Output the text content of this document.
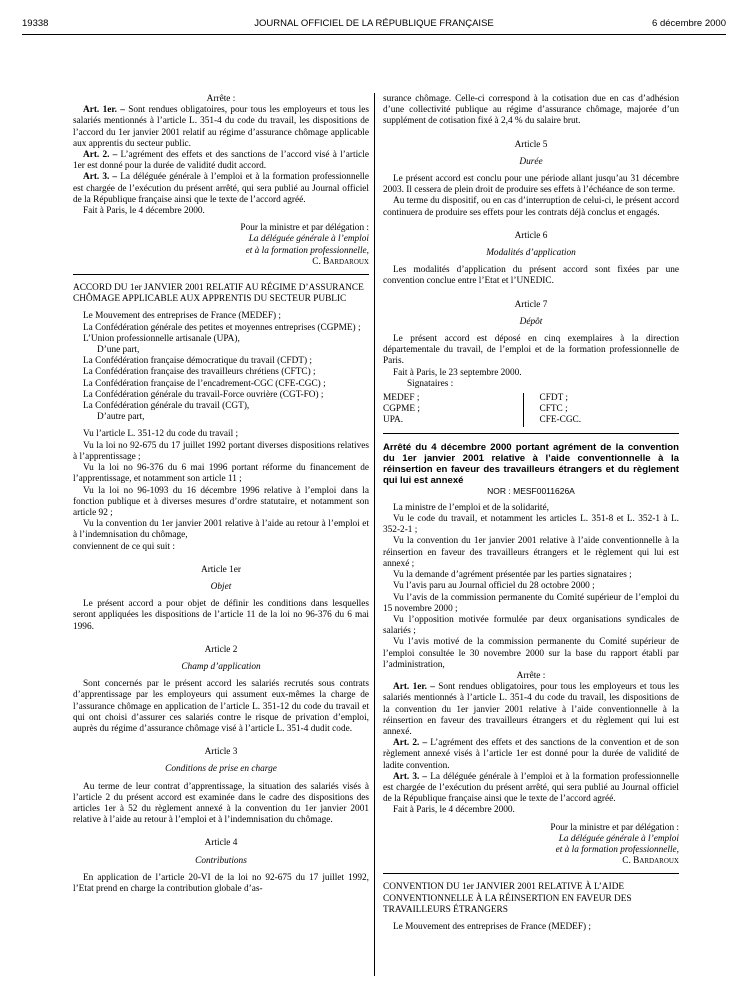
19338	JOURNAL OFFICIEL DE LA RÉPUBLIQUE FRANÇAISE	6 décembre 2000

Arrête :

Art. 1er. – Sont rendues obligatoires, pour tous les employeurs et tous les salariés mentionnés à l’article L. 351-4 du code du travail, les dispositions de l’accord du 1er janvier 2001 relatif au régime d’assurance chômage applicable aux apprentis du secteur public.

Art. 2. – L’agrément des effets et des sanctions de l’accord visé à l’article 1er est donné pour la durée de validité dudit accord.

Art. 3. – La déléguée générale à l’emploi et à la formation professionnelle est chargée de l’exécution du présent arrêté, qui sera publié au Journal officiel de la République française ainsi que le texte de l’accord agréé.

Fait à Paris, le 4 décembre 2000.

Pour la ministre et par délégation :

La déléguée générale à l’emploi

et à la formation professionnelle,

C. Bardaroux

ACCORD DU 1er JANVIER 2001 RELATIF AU RÉGIME D’ASSURANCE CHÔMAGE APPLICABLE AUX APPRENTIS DU SECTEUR PUBLIC

Le Mouvement des entreprises de France (MEDEF) ;

La Confédération générale des petites et moyennes entreprises (CGPME) ;

L’Union professionnelle artisanale (UPA),

D’une part,

La Confédération française démocratique du travail (CFDT) ;

La Confédération française des travailleurs chrétiens (CFTC) ;

La Confédération française de l’encadrement-CGC (CFE-CGC) ;

La Confédération générale du travail-Force ouvrière (CGT-FO) ;

La Confédération générale du travail (CGT),

D’autre part,

Vu l’article L. 351-12 du code du travail ;

Vu la loi no 92-675 du 17 juillet 1992 portant diverses dispositions relatives à l’apprentissage ;

Vu la loi no 96-376 du 6 mai 1996 portant réforme du financement de l’apprentissage, et notamment son article 11 ;

Vu la loi no 96-1093 du 16 décembre 1996 relative à l’emploi dans la fonction publique et à diverses mesures d’ordre statutaire, et notamment son article 92 ;

Vu la convention du 1er janvier 2001 relative à l’aide au retour à l’emploi et à l’indemnisation du chômage,

conviennent de ce qui suit :

Article 1er

Objet

Le présent accord a pour objet de définir les conditions dans lesquelles seront appliquées les dispositions de l’article 11 de la loi no 96-376 du 6 mai 1996.

Article 2

Champ d’application

Sont concernés par le présent accord les salariés recrutés sous contrats d’apprentissage par les employeurs qui assument eux-mêmes la charge de l’assurance chômage en application de l’article L. 351-12 du code du travail et qui ont choisi d’assurer ces salariés contre le risque de privation d’emploi, auprès du régime d’assurance chômage visé à l’article L. 351-4 dudit code.

Article 3

Conditions de prise en charge

Au terme de leur contrat d’apprentissage, la situation des salariés visés à l’article 2 du présent accord est examinée dans le cadre des dispositions des articles 1er à 52 du règlement annexé à la convention du 1er janvier 2001 relative à l’aide au retour à l’emploi et à l’indemnisation du chômage.

Article 4

Contributions

En application de l’article 20-VI de la loi no 92-675 du 17 juillet 1992, l’Etat prend en charge la contribution globale d’as-

surance chômage. Celle-ci correspond à la cotisation due en cas d’adhésion d’une collectivité publique au régime d’assurance chômage, majorée d’un supplément de cotisation fixé à 2,4 % du salaire brut.

Article 5

Durée

Le présent accord est conclu pour une période allant jusqu’au 31 décembre 2003. Il cessera de plein droit de produire ses effets à l’échéance de son terme.

Au terme du dispositif, ou en cas d’interruption de celui-ci, le présent accord continuera de produire ses effets pour les contrats déjà conclus et engagés.

Article 6

Modalités d’application

Les modalités d’application du présent accord sont fixées par une convention conclue entre l’Etat et l’UNEDIC.

Article 7

Dépôt

Le présent accord est déposé en cinq exemplaires à la direction départementale du travail, de l’emploi et de la formation professionnelle de Paris.

Fait à Paris, le 23 septembre 2000.

Signataires :

MEDEF ;

CGPME ;

UPA.

CFDT ;

CFTC ;

CFE-CGC.

Arrêté du 4 décembre 2000 portant agrément de la convention du 1er janvier 2001 relative à l’aide conventionnelle à la réinsertion en faveur des travailleurs étrangers et du règlement qui lui est annexé

NOR : MESF0011626A

La ministre de l’emploi et de la solidarité,

Vu le code du travail, et notamment les articles L. 351-8 et L. 352-1 à L. 352-2-1 ;

Vu la convention du 1er janvier 2001 relative à l’aide conventionnelle à la réinsertion en faveur des travailleurs étrangers et le règlement qui lui est annexé ;

Vu la demande d’agrément présentée par les parties signataires ;

Vu l’avis paru au Journal officiel du 28 octobre 2000 ;

Vu l’avis de la commission permanente du Comité supérieur de l’emploi du 15 novembre 2000 ;

Vu l’opposition motivée formulée par deux organisations syndicales de salariés ;

Vu l’avis motivé de la commission permanente du Comité supérieur de l’emploi consultée le 30 novembre 2000 sur la base du rapport établi par l’administration,

Arrête :

Art. 1er. – Sont rendues obligatoires, pour tous les employeurs et tous les salariés mentionnés à l’article L. 351-4 du code du travail, les dispositions de la convention du 1er janvier 2001 relative à l’aide conventionnelle à la réinsertion en faveur des travailleurs étrangers et du règlement qui lui est annexé.

Art. 2. – L’agrément des effets et des sanctions de la convention et de son règlement annexé visés à l’article 1er est donné pour la durée de validité de ladite convention.

Art. 3. – La déléguée générale à l’emploi et à la formation professionnelle est chargée de l’exécution du présent arrêté, qui sera publié au Journal officiel de la République française ainsi que le texte de l’accord agréé.

Fait à Paris, le 4 décembre 2000.

Pour la ministre et par délégation :

La déléguée générale à l’emploi

et à la formation professionnelle,

C. Bardaroux

CONVENTION DU 1er JANVIER 2001 RELATIVE À L’AIDE CONVENTIONNELLE À LA RÉINSERTION EN FAVEUR DES TRAVAILLEURS ÉTRANGERS

Le Mouvement des entreprises de France (MEDEF) ;
